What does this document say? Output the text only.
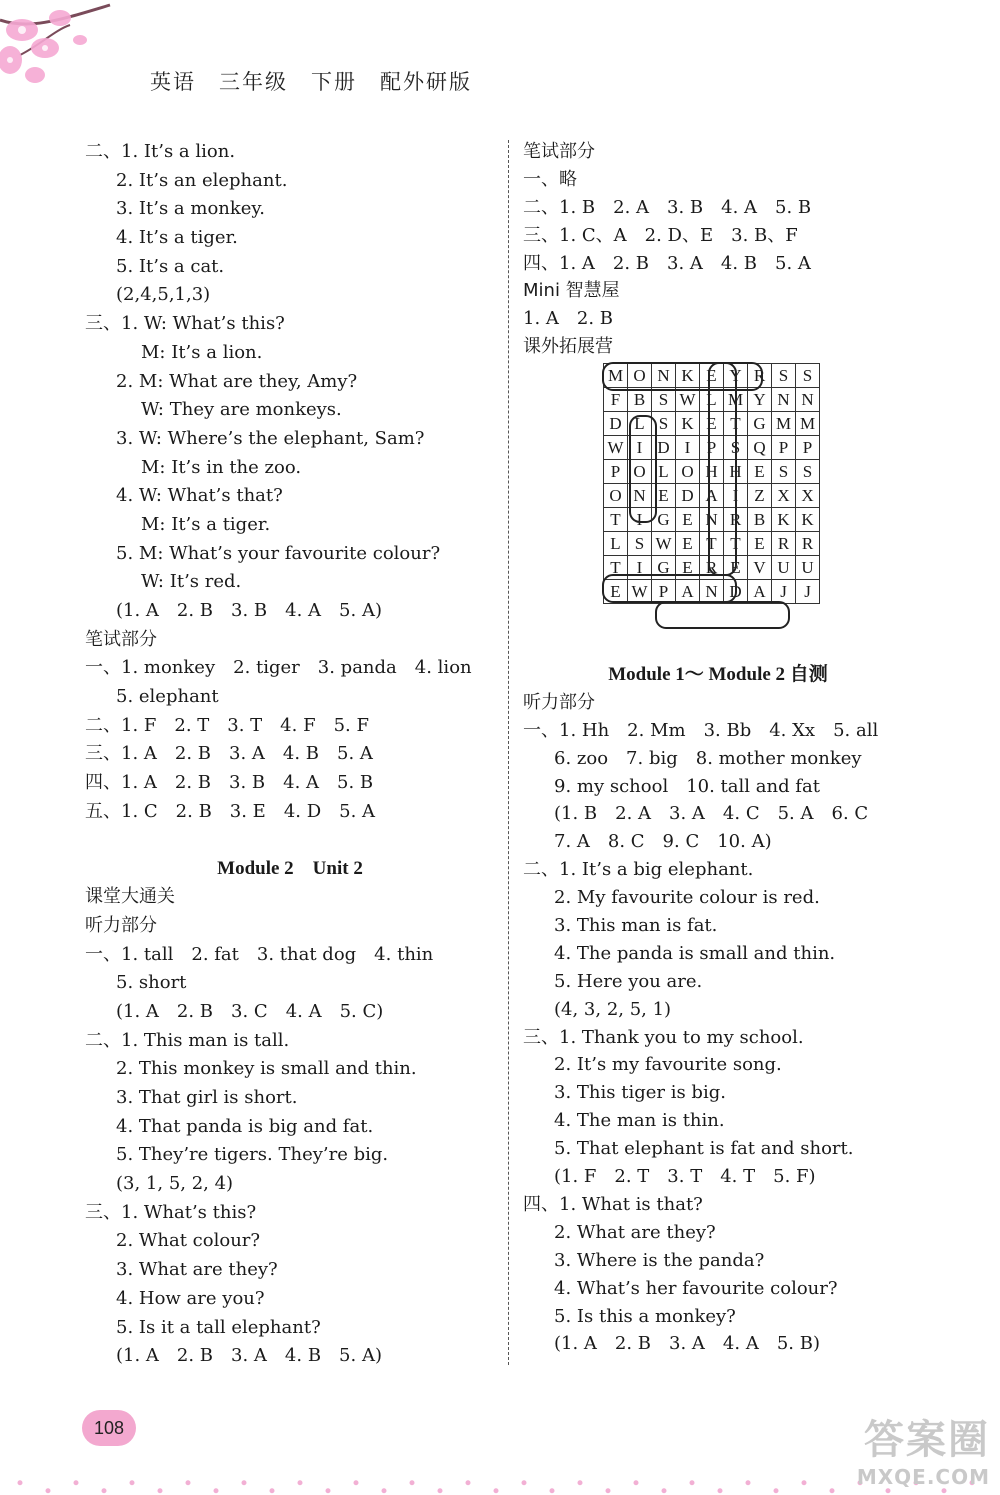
英语　三年级　下册　配外研版
二、1. It’s a lion.
2. It’s an elephant.
3. It’s a monkey.
4. It’s a tiger.
5. It’s a cat.
(2,4,5,1,3)
三、1. W: What’s this?
M: It’s a lion.
2. M: What are they, Amy?
W: They are monkeys.
3. W: Where’s the elephant, Sam?
M: It’s in the zoo.
4. W: What’s that?
M: It’s a tiger.
5. M: What’s your favourite colour?
W: It’s red.
(1. A　2. B　3. B　4. A　5. A)
笔试部分
一、1. monkey　2. tiger　3. panda　4. lion
5. elephant
二、1. F　2. T　3. T　4. F　5. F
三、1. A　2. B　3. A　4. B　5. A
四、1. A　2. B　3. B　4. A　5. B
五、1. C　2. B　3. E　4. D　5. A
Module 2　Unit 2
课堂大通关
听力部分
一、1. tall　2. fat　3. that dog　4. thin
5. short
(1. A　2. B　3. C　4. A　5. C)
二、1. This man is tall.
2. This monkey is small and thin.
3. That girl is short.
4. That panda is big and fat.
5. They’re tigers. They’re big.
(3, 1, 5, 2, 4)
三、1. What’s this?
2. What colour?
3. What are they?
4. How are you?
5. Is it a tall elephant?
(1. A　2. B　3. A　4. B　5. A)
笔试部分
一、略
二、1. B　2. A　3. B　4. A　5. B
三、1. C、A　2. D、E　3. B、F
四、1. A　2. B　3. A　4. B　5. A
Mini 智慧屋
1. A　2. B
课外拓展营
M	O	N	K	E	Y	R	S	S
F	B	S	W	L	M	Y	N	N
D	L	S	K	E	T	G	M	M
W	I	D	I	P	S	Q	P	P
P	O	L	O	H	H	E	S	S
O	N	E	D	A	I	Z	X	X
T	I	G	E	N	R	B	K	K
L	S	W	E	T	T	E	R	R
T	I	G	E	R	E	V	U	U
E	W	P	A	N	D	A	J	J
Module 1～ Module 2 自测
听力部分
一、1. Hh　2. Mm　3. Bb　4. Xx　5. all
6. zoo　7. big　8. mother monkey
9. my school　10. tall and fat
(1. B　2. A　3. A　4. C　5. A　6. C
7. A　8. C　9. C　10. A)
二、1. It’s a big elephant.
2. My favourite colour is red.
3. This man is fat.
4. The panda is small and thin.
5. Here you are.
(4, 3, 2, 5, 1)
三、1. Thank you to my school.
2. It’s my favourite song.
3. This tiger is big.
4. The man is thin.
5. That elephant is fat and short.
(1. F　2. T　3. T　4. T　5. F)
四、1. What is that?
2. What are they?
3. Where is the panda?
4. What’s her favourite colour?
5. Is this a monkey?
(1. A　2. B　3. A　4. A　5. B)
108	答案圈
MXQE.COM
